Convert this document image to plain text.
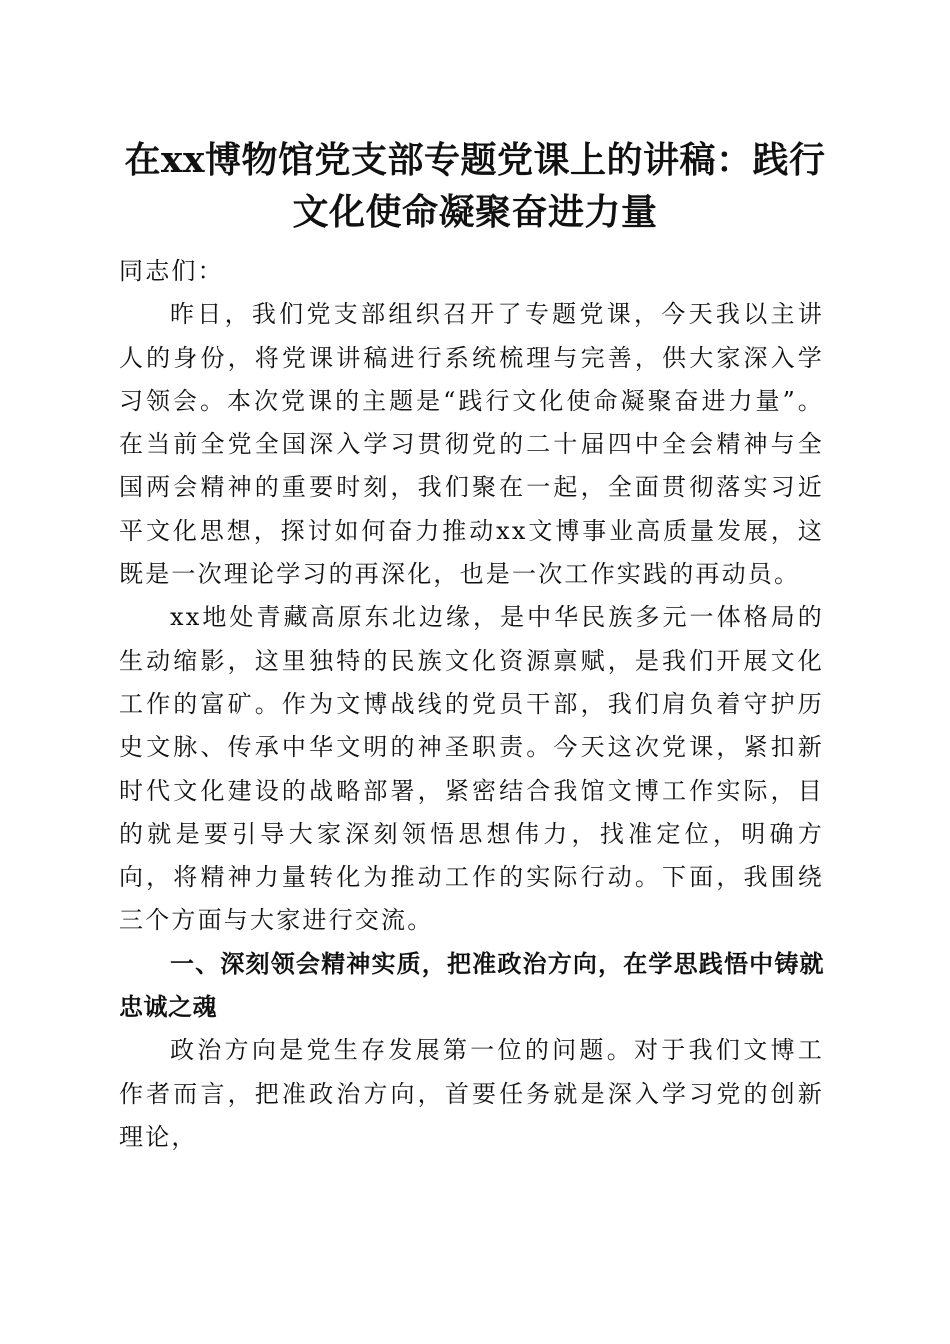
在xx博物馆党支部专题党课上的讲稿：践行
文化使命凝聚奋进力量

同志们：

昨日，我们党支部组织召开了专题党课，今天我以主讲人的身份，将党课讲稿进行系统梳理与完善，供大家深入学习领会。本次党课的主题是“践行文化使命凝聚奋进力量”。在当前全党全国深入学习贯彻党的二十届四中全会精神与全国两会精神的重要时刻，我们聚在一起，全面贯彻落实习近平文化思想，探讨如何奋力推动xx文博事业高质量发展，这既是一次理论学习的再深化，也是一次工作实践的再动员。

xx地处青藏高原东北边缘，是中华民族多元一体格局的生动缩影，这里独特的民族文化资源禀赋，是我们开展文化工作的富矿。作为文博战线的党员干部，我们肩负着守护历史文脉、传承中华文明的神圣职责。今天这次党课，紧扣新时代文化建设的战略部署，紧密结合我馆文博工作实际，目的就是要引导大家深刻领悟思想伟力，找准定位，明确方向，将精神力量转化为推动工作的实际行动。下面，我围绕三个方面与大家进行交流。

一、深刻领会精神实质，把准政治方向，在学思践悟中铸就忠诚之魂

政治方向是党生存发展第一位的问题。对于我们文博工作者而言，把准政治方向，首要任务就是深入学习党的创新理论，
